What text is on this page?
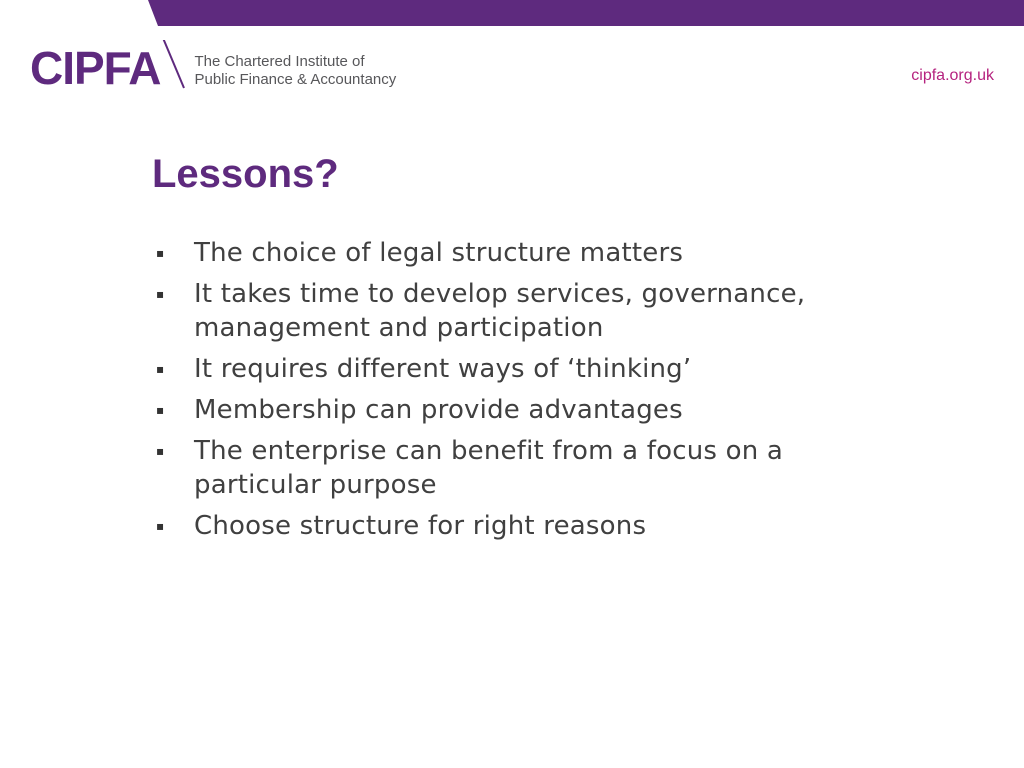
CIPFA The Chartered Institute of
Public Finance & Accountancy	cipfa.org.uk
Lessons?
▪	The choice of legal structure matters
▪	It takes time to develop services, governance, management and participation
▪	It requires different ways of ‘thinking’
▪	Membership can provide advantages
▪	The enterprise can benefit from a focus on a particular purpose
▪	Choose structure for right reasons
